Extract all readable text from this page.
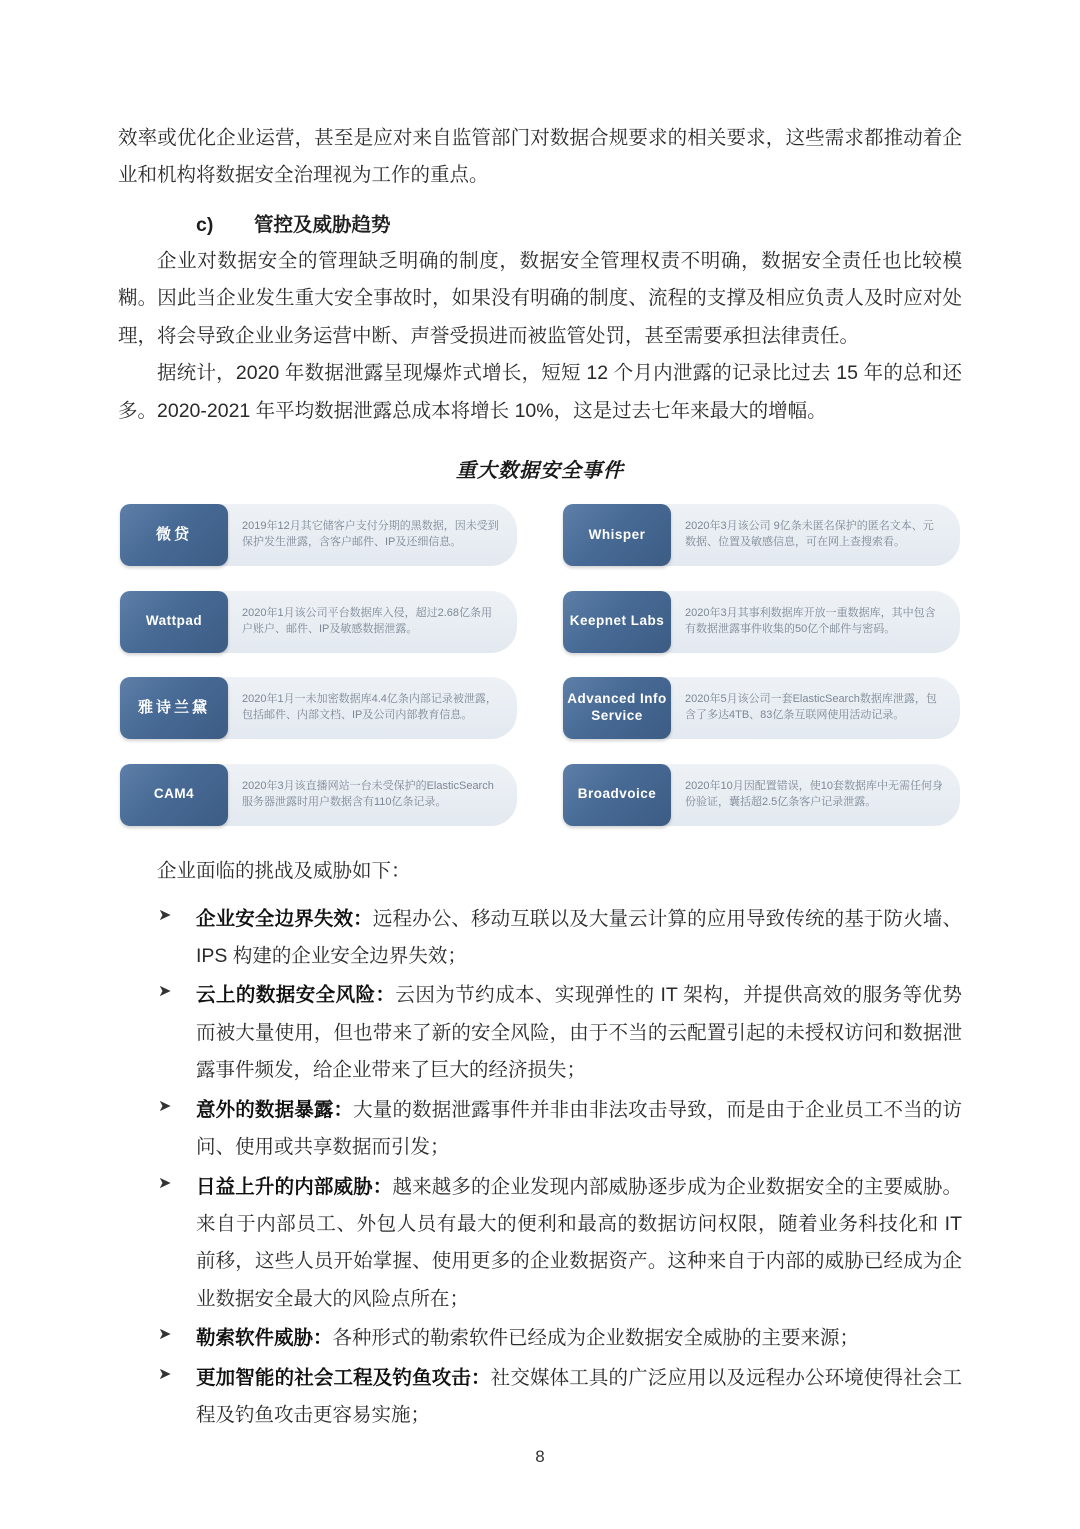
效率或优化企业运营，甚至是应对来自监管部门对数据合规要求的相关要求，这些需求都推动着企业和机构将数据安全治理视为工作的重点。

c) 管控及威胁趋势

企业对数据安全的管理缺乏明确的制度，数据安全管理权责不明确，数据安全责任也比较模糊。因此当企业发生重大安全事故时，如果没有明确的制度、流程的支撑及相应负责人及时应对处理，将会导致企业业务运营中断、声誉受损进而被监管处罚，甚至需要承担法律责任。

据统计，2020 年数据泄露呈现爆炸式增长，短短 12 个月内泄露的记录比过去 15 年的总和还多。2020-2021 年平均数据泄露总成本将增长 10%，这是过去七年来最大的增幅。

重大数据安全事件
微贷	2019年12月其它储客户支付分期的黑数据，因未受到保护发生泄露，含客户邮件、IP及还细信息。
Whisper
2020年3月该公司 9亿条未匿名保护的匿名文本、元数据、位置及敏感信息，可在网上查搜索看。
Wattpad
2020年1月该公司平台数据库入侵，超过2.68亿条用户账户、邮件、IP及敏感数据泄露。
Keepnet Labs
2020年3月其事利数据库开放一重数据库，其中包含有数据泄露事件收集的50亿个邮件与密码。
雅诗兰黛	2020年1月一未加密数据库4.4亿条内部记录被泄露，包括邮件、内部文档、IP及公司内部教育信息。
Advanced Info Service
2020年5月该公司一套ElasticSearch数据库泄露，包含了多达4TB、83亿条互联网使用活动记录。
CAM4
2020年3月该直播网站一台未受保护的ElasticSearch服务器泄露时用户数据含有110亿条记录。
Broadvoice
2020年10月因配置错误，使10套数据库中无需任何身份验证，囊括超2.5亿条客户记录泄露。

企业面临的挑战及威胁如下：

➤ 企业安全边界失效：远程办公、移动互联以及大量云计算的应用导致传统的基于防火墙、IPS 构建的企业安全边界失效；
➤ 云上的数据安全风险：云因为节约成本、实现弹性的 IT 架构，并提供高效的服务等优势而被大量使用，但也带来了新的安全风险，由于不当的云配置引起的未授权访问和数据泄露事件频发，给企业带来了巨大的经济损失；
➤ 意外的数据暴露：大量的数据泄露事件并非由非法攻击导致，而是由于企业员工不当的访问、使用或共享数据而引发；
➤ 日益上升的内部威胁：越来越多的企业发现内部威胁逐步成为企业数据安全的主要威胁。来自于内部员工、外包人员有最大的便利和最高的数据访问权限，随着业务科技化和 IT 前移，这些人员开始掌握、使用更多的企业数据资产。这种来自于内部的威胁已经成为企业数据安全最大的风险点所在；
➤ 勒索软件威胁：各种形式的勒索软件已经成为企业数据安全威胁的主要来源；
➤ 更加智能的社会工程及钓鱼攻击：社交媒体工具的广泛应用以及远程办公环境使得社会工程及钓鱼攻击更容易实施；
8
